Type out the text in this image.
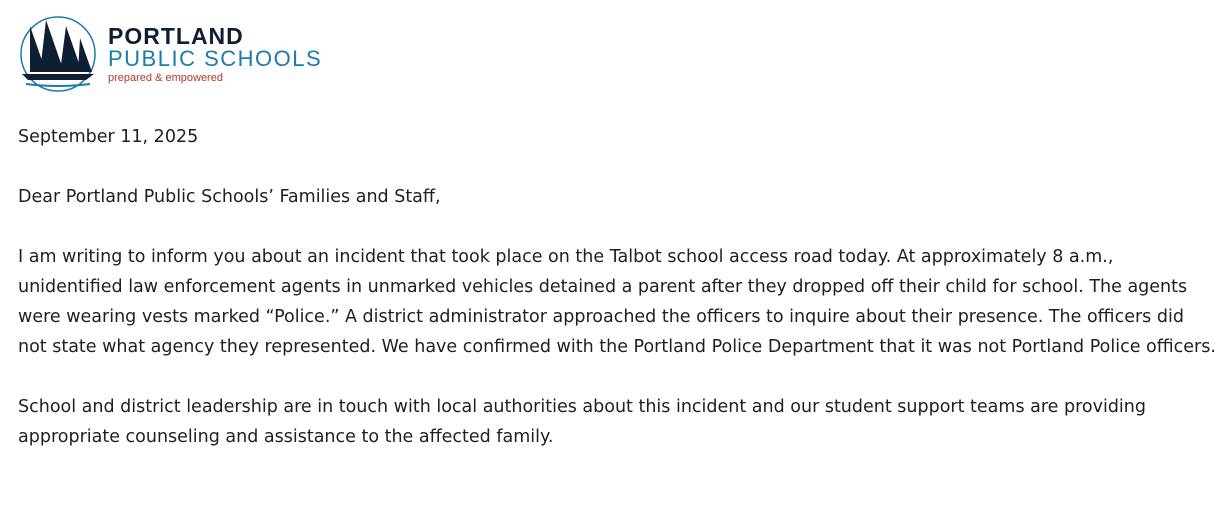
PORTLAND
PUBLIC SCHOOLS
prepared & empowered

September 11, 2025

Dear Portland Public Schools’ Families and Staff,

I am writing to inform you about an incident that took place on the Talbot school access road today. At approximately 8 a.m., unidentified law enforcement agents in unmarked vehicles detained a parent after they dropped off their child for school. The agents were wearing vests marked “Police.” A district administrator approached the officers to inquire about their presence. The officers did not state what agency they represented. We have confirmed with the Portland Police Department that it was not Portland Police officers.

School and district leadership are in touch with local authorities about this incident and our student support teams are providing appropriate counseling and assistance to the affected family.
